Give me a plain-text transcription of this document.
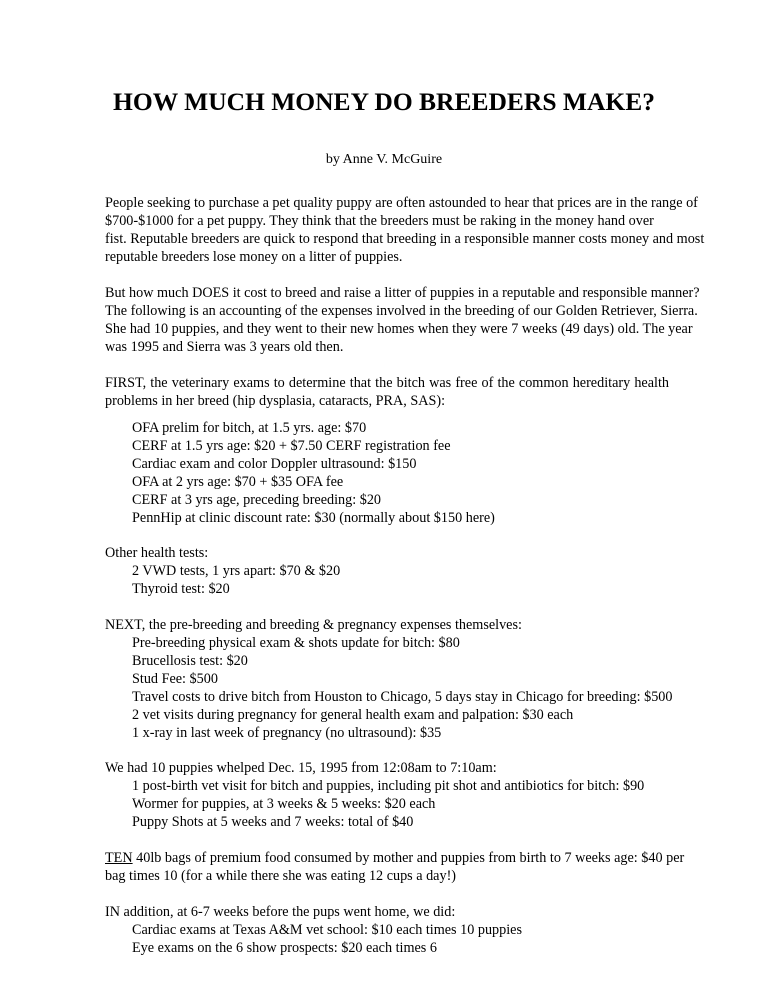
HOW MUCH MONEY DO BREEDERS MAKE?
by Anne V. McGuire
People seeking to purchase a pet quality puppy are often astounded to hear that prices are in the range of
$700-$1000 for a pet puppy. They think that the breeders must be raking in the money hand over
fist. Reputable breeders are quick to respond that breeding in a responsible manner costs money and most
reputable breeders lose money on a litter of puppies.
But how much DOES it cost to breed and raise a litter of puppies in a reputable and responsible manner?
The following is an accounting of the expenses involved in the breeding of our Golden Retriever, Sierra.
She had 10 puppies, and they went to their new homes when they were 7 weeks (49 days) old. The year
was 1995 and Sierra was 3 years old then.
FIRST, the veterinary exams to determine that the bitch was free of the common hereditary health
problems in her breed (hip dysplasia, cataracts, PRA, SAS):
OFA prelim for bitch, at 1.5 yrs. age: $70
CERF at 1.5 yrs age: $20 + $7.50 CERF registration fee
Cardiac exam and color Doppler ultrasound: $150
OFA at 2 yrs age: $70 + $35 OFA fee
CERF at 3 yrs age, preceding breeding: $20
PennHip at clinic discount rate: $30 (normally about $150 here)
Other health tests:
2 VWD tests, 1 yrs apart: $70 & $20
Thyroid test: $20
NEXT, the pre-breeding and breeding & pregnancy expenses themselves:
Pre-breeding physical exam & shots update for bitch: $80
Brucellosis test: $20
Stud Fee: $500
Travel costs to drive bitch from Houston to Chicago, 5 days stay in Chicago for breeding: $500
2 vet visits during pregnancy for general health exam and palpation: $30 each
1 x-ray in last week of pregnancy (no ultrasound): $35
We had 10 puppies whelped Dec. 15, 1995 from 12:08am to 7:10am:
1 post-birth vet visit for bitch and puppies, including pit shot and antibiotics for bitch: $90
Wormer for puppies, at 3 weeks & 5 weeks: $20 each
Puppy Shots at 5 weeks and 7 weeks: total of $40
TEN 40lb bags of premium food consumed by mother and puppies from birth to 7 weeks age: $40 per
bag times 10 (for a while there she was eating 12 cups a day!)
IN addition, at 6-7 weeks before the pups went home, we did:
Cardiac exams at Texas A&M vet school: $10 each times 10 puppies
Eye exams on the 6 show prospects: $20 each times 6
